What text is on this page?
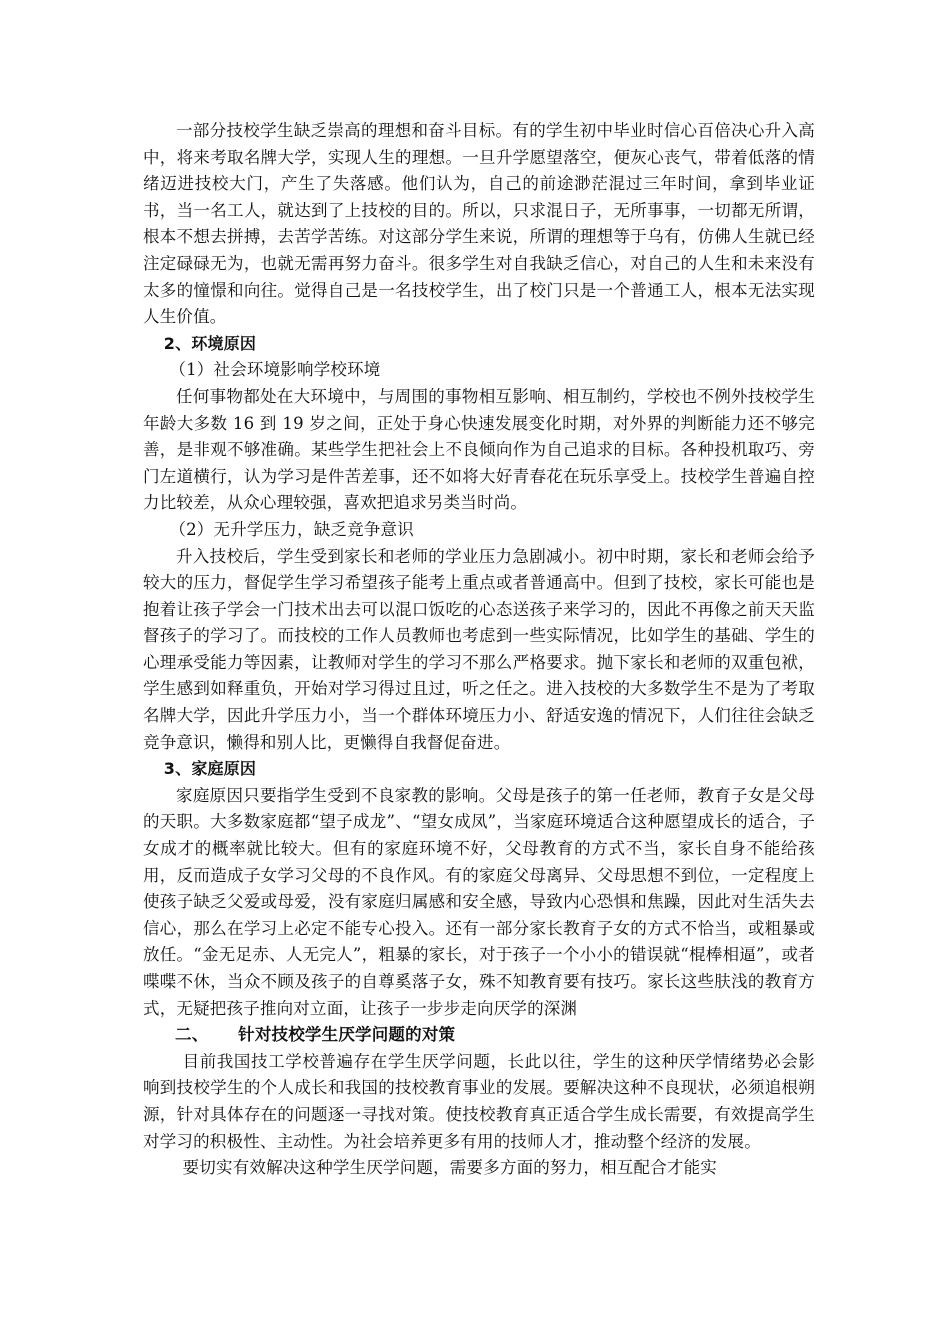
一部分技校学生缺乏崇高的理想和奋斗目标。有的学生初中毕业时信心百倍决心升入高中，将来考取名牌大学，实现人生的理想。一旦升学愿望落空，便灰心丧气，带着低落的情绪迈进技校大门，产生了失落感。他们认为，自己的前途渺茫混过三年时间，拿到毕业证书，当一名工人，就达到了上技校的目的。所以，只求混日子，无所事事，一切都无所谓，根本不想去拼搏，去苦学苦练。对这部分学生来说，所谓的理想等于乌有，仿佛人生就已经注定碌碌无为，也就无需再努力奋斗。很多学生对自我缺乏信心，对自己的人生和未来没有太多的憧憬和向往。觉得自己是一名技校学生，出了校门只是一个普通工人，根本无法实现人生价值。

2、环境原因

（1）社会环境影响学校环境

任何事物都处在大环境中，与周围的事物相互影响、相互制约，学校也不例外技校学生年龄大多数 16 到 19 岁之间，正处于身心快速发展变化时期，对外界的判断能力还不够完善，是非观不够准确。某些学生把社会上不良倾向作为自己追求的目标。各种投机取巧、旁门左道横行，认为学习是件苦差事，还不如将大好青春花在玩乐享受上。技校学生普遍自控力比较差，从众心理较强，喜欢把追求另类当时尚。

（2）无升学压力，缺乏竞争意识

升入技校后，学生受到家长和老师的学业压力急剧减小。初中时期，家长和老师会给予较大的压力，督促学生学习希望孩子能考上重点或者普通高中。但到了技校，家长可能也是抱着让孩子学会一门技术出去可以混口饭吃的心态送孩子来学习的，因此不再像之前天天监督孩子的学习了。而技校的工作人员教师也考虑到一些实际情况，比如学生的基础、学生的心理承受能力等因素，让教师对学生的学习不那么严格要求。抛下家长和老师的双重包袱，学生感到如释重负，开始对学习得过且过，听之任之。进入技校的大多数学生不是为了考取名牌大学，因此升学压力小，当一个群体环境压力小、舒适安逸的情况下，人们往往会缺乏竞争意识，懒得和别人比，更懒得自我督促奋进。

3、家庭原因

家庭原因只要指学生受到不良家教的影响。父母是孩子的第一任老师，教育子女是父母的天职。大多数家庭都“望子成龙”、“望女成凤”，当家庭环境适合这种愿望成长的适合，子女成才的概率就比较大。但有的家庭环境不好，父母教育的方式不当，家长自身不能给孩用，反而造成子女学习父母的不良作风。有的家庭父母离异、父母思想不到位，一定程度上使孩子缺乏父爱或母爱，没有家庭归属感和安全感，导致内心恐惧和焦躁，因此对生活失去信心，那么在学习上必定不能专心投入。还有一部分家长教育子女的方式不恰当，或粗暴或放任。“金无足赤、人无完人”，粗暴的家长，对于孩子一个小小的错误就“棍棒相逼”，或者喋喋不休，当众不顾及孩子的自尊奚落子女，殊不知教育要有技巧。家长这些肤浅的教育方式，无疑把孩子推向对立面，让孩子一步步走向厌学的深渊

二、     针对技校学生厌学问题的对策

目前我国技工学校普遍存在学生厌学问题，长此以往，学生的这种厌学情绪势必会影响到技校学生的个人成长和我国的技校教育事业的发展。要解决这种不良现状，必须追根朔源，针对具体存在的问题逐一寻找对策。使技校教育真正适合学生成长需要，有效提高学生对学习的积极性、主动性。为社会培养更多有用的技师人才，推动整个经济的发展。

要切实有效解决这种学生厌学问题，需要多方面的努力，相互配合才能实
